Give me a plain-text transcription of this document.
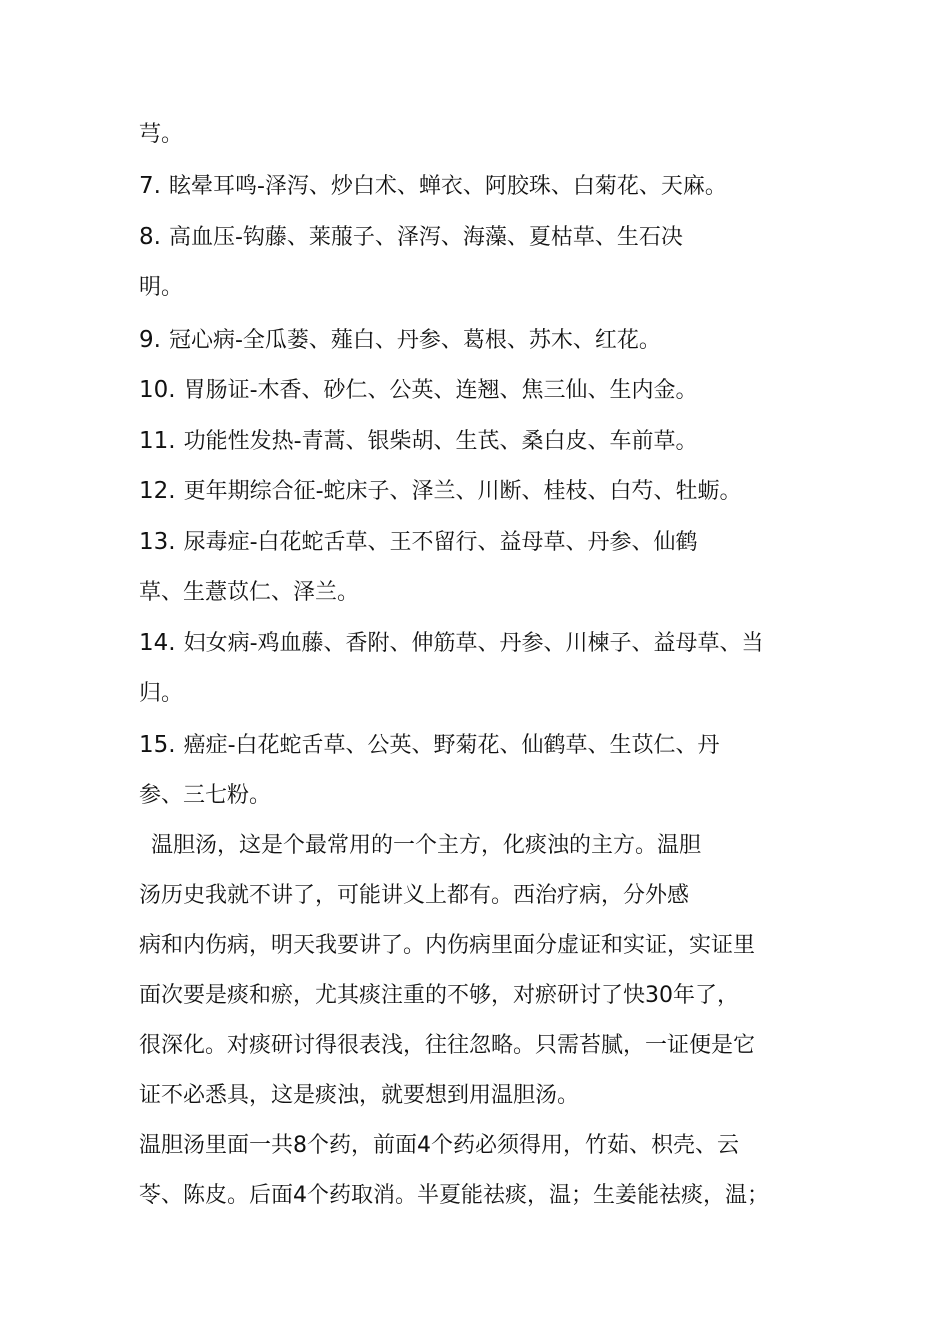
芎。
7. 眩晕耳鸣-泽泻、炒白术、蝉衣、阿胶珠、白菊花、天麻。
8. 高血压-钩藤、莱菔子、泽泻、海藻、夏枯草、生石决
明。
9. 冠心病-全瓜蒌、薤白、丹参、葛根、苏木、红花。
10. 胃肠证-木香、砂仁、公英、连翘、焦三仙、生内金。
11. 功能性发热-青蒿、银柴胡、生芪、桑白皮、车前草。
12. 更年期综合征-蛇床子、泽兰、川断、桂枝、白芍、牡蛎。
13. 尿毒症-白花蛇舌草、王不留行、益母草、丹参、仙鹤
草、生薏苡仁、泽兰。
14. 妇女病-鸡血藤、香附、伸筋草、丹参、川楝子、益母草、当
归。
15. 癌症-白花蛇舌草、公英、野菊花、仙鹤草、生苡仁、丹
参、三七粉。
温胆汤，这是个最常用的一个主方，化痰浊的主方。温胆
汤历史我就不讲了，可能讲义上都有。西治疗病，分外感
病和内伤病，明天我要讲了。内伤病里面分虚证和实证，实证里
面次要是痰和瘀，尤其痰注重的不够，对瘀研讨了快30年了，
很深化。对痰研讨得很表浅，往往忽略。只需苔腻，一证便是它
证不必悉具，这是痰浊，就要想到用温胆汤。
温胆汤里面一共8个药，前面4个药必须得用，竹茹、枳壳、云
苓、陈皮。后面4个药取消。半夏能祛痰，温；生姜能祛痰，温；
